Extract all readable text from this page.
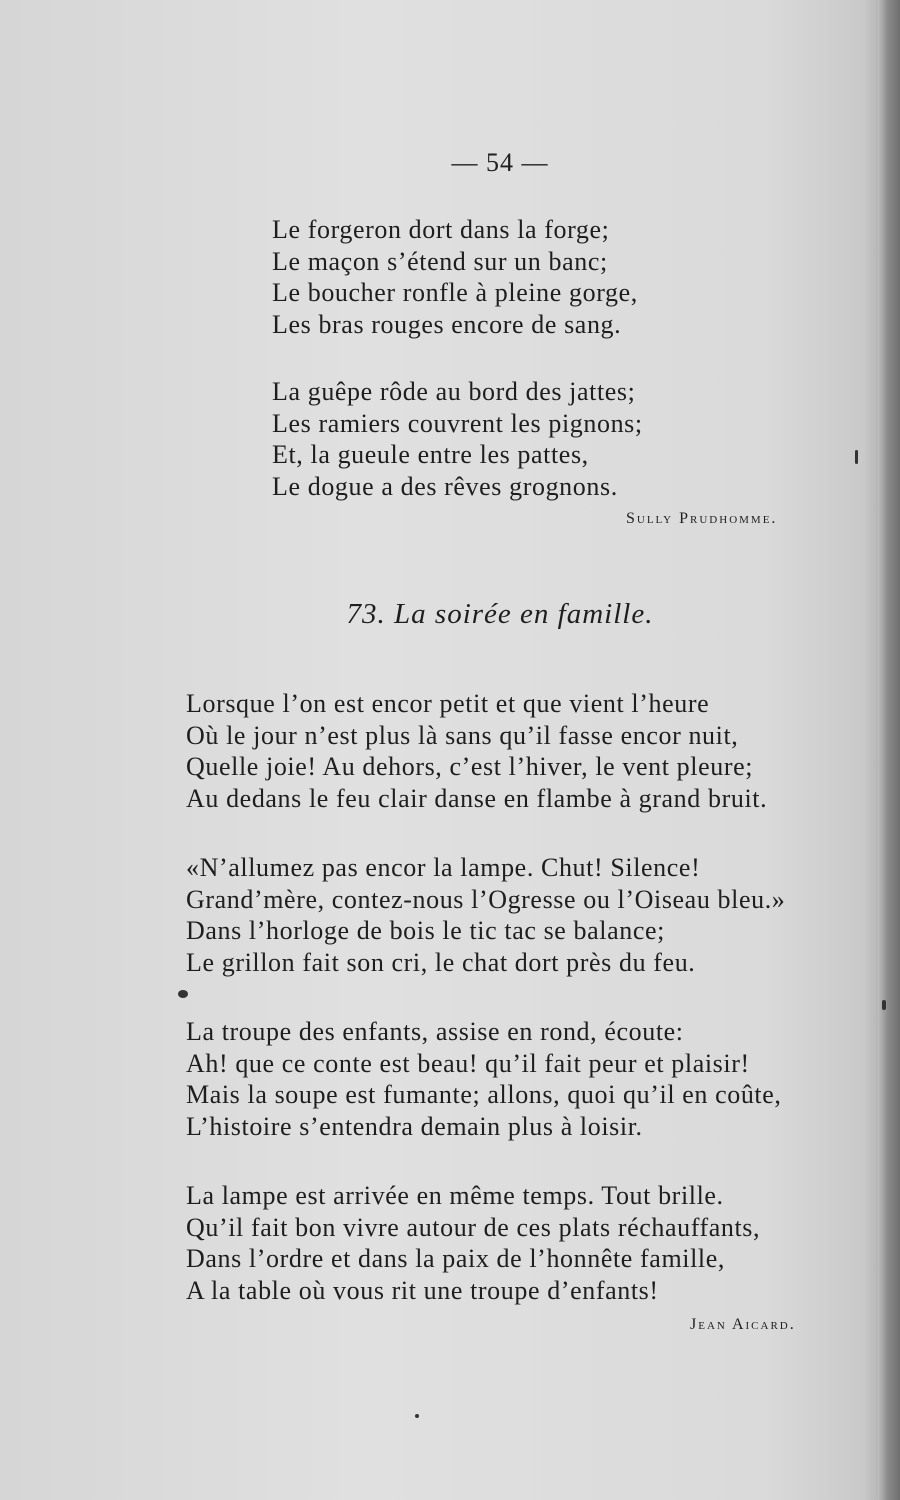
— 54 —
Le forgeron dort dans la forge;
Le maçon s’étend sur un banc;
Le boucher ronfle à pleine gorge,
Les bras rouges encore de sang.
La guêpe rôde au bord des jattes;
Les ramiers couvrent les pignons;
Et, la gueule entre les pattes,
Le dogue a des rêves grognons.
Sully Prudhomme.
73. La soirée en famille.
Lorsque l’on est encor petit et que vient l’heure
Où le jour n’est plus là sans qu’il fasse encor nuit,
Quelle joie! Au dehors, c’est l’hiver, le vent pleure;
Au dedans le feu clair danse en flambe à grand bruit.
«N’allumez pas encor la lampe. Chut! Silence!
Grand’mère, contez-nous l’Ogresse ou l’Oiseau bleu.»
Dans l’horloge de bois le tic tac se balance;
Le grillon fait son cri, le chat dort près du feu.
La troupe des enfants, assise en rond, écoute:
Ah! que ce conte est beau! qu’il fait peur et plaisir!
Mais la soupe est fumante; allons, quoi qu’il en coûte,
L’histoire s’entendra demain plus à loisir.
La lampe est arrivée en même temps. Tout brille.
Qu’il fait bon vivre autour de ces plats réchauffants,
Dans l’ordre et dans la paix de l’honnête famille,
A la table où vous rit une troupe d’enfants!
Jean Aicard.
